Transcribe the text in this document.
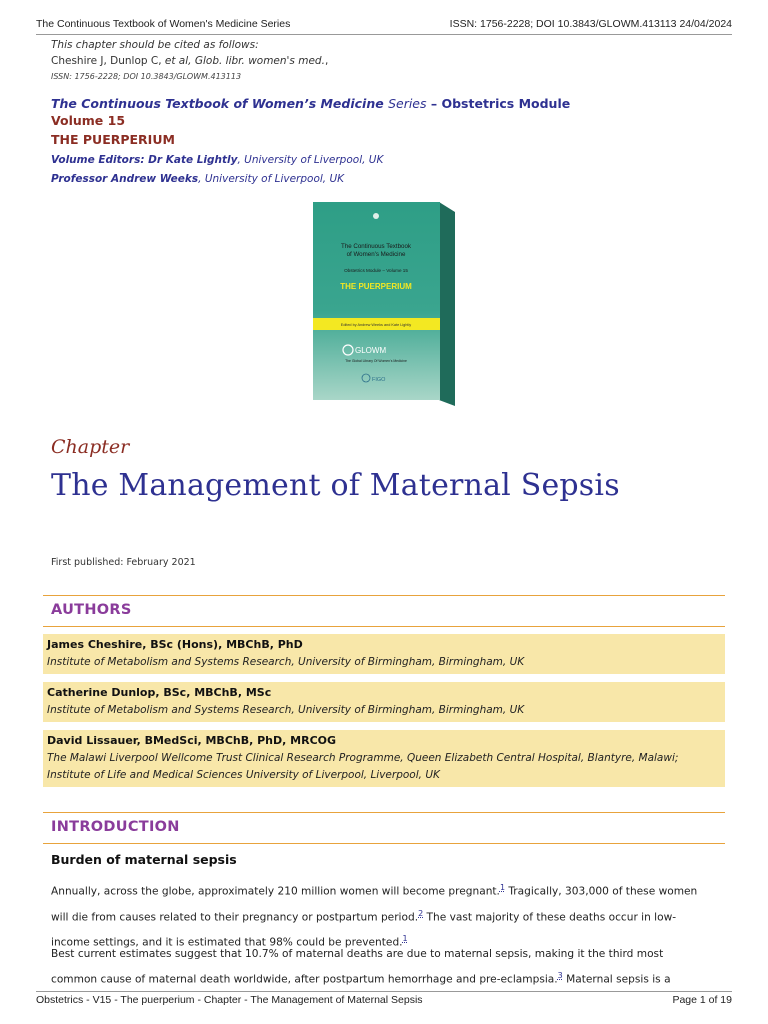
The Continuous Textbook of Women's Medicine Series	ISSN: 1756-2228; DOI 10.3843/GLOWM.413113 24/04/2024

This chapter should be cited as follows:

Cheshire J, Dunlop C, et al, Glob. libr. women's med.,

ISSN: 1756-2228; DOI 10.3843/GLOWM.413113

The Continuous Textbook of Women’s Medicine Series – Obstetrics Module
Volume 15
THE PUERPERIUM
Volume Editors: Dr Kate Lightly, University of Liverpool, UK
Professor Andrew Weeks, University of Liverpool, UK
The Continuous Textbook
of Women's Medicine
Obstetrics Module – Volume 15
THE PUERPERIUM
Edited by Andrew Weeks and Kate Lightly
GLOWM
The Global Library Of Women's Medicine
FIGO
Chapter
The Management of Maternal Sepsis
First published: February 2021
AUTHORS
James Cheshire, BSc (Hons), MBChB, PhD
Institute of Metabolism and Systems Research, University of Birmingham, Birmingham, UK
Catherine Dunlop, BSc, MBChB, MSc
Institute of Metabolism and Systems Research, University of Birmingham, Birmingham, UK
David Lissauer, BMedSci, MBChB, PhD, MRCOG
The Malawi Liverpool Wellcome Trust Clinical Research Programme, Queen Elizabeth Central Hospital, Blantyre, Malawi;
Institute of Life and Medical Sciences University of Liverpool, Liverpool, UK
INTRODUCTION
Burden of maternal sepsis

Annually, across the globe, approximately 210 million women will become pregnant.$^1$ Tragically, 303,000 of these women
will die from causes related to their pregnancy or postpartum period.$^2$ The vast majority of these deaths occur in low-
income settings, and it is estimated that 98% could be prevented.$^1$

Best current estimates suggest that 10.7% of maternal deaths are due to maternal sepsis, making it the third most
common cause of maternal death worldwide, after postpartum hemorrhage and pre-eclampsia.$^3$ Maternal sepsis is a

Obstetrics - V15 - The puerperium - Chapter - The Management of Maternal Sepsis	Page 1 of 19
